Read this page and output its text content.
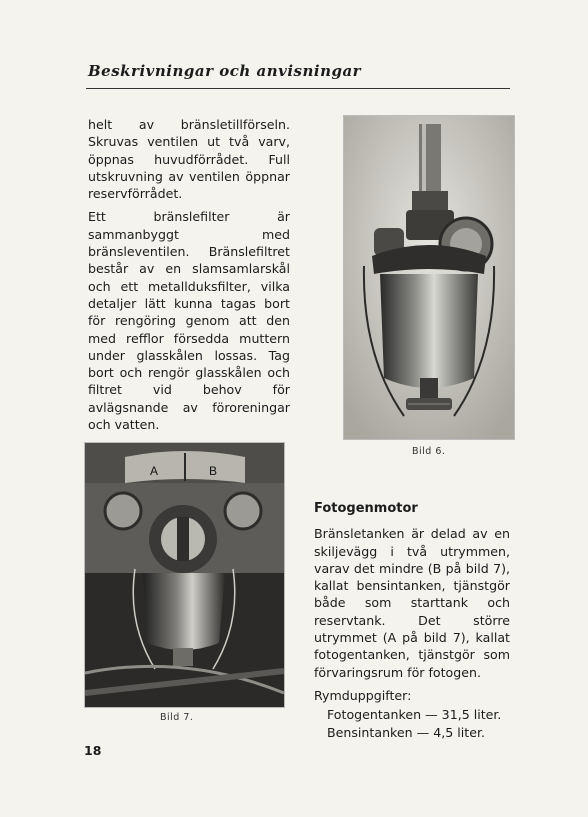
Beskrivningar och anvisningar

helt av bränsletillförseln. Skruvas ventilen ut två varv, öppnas huvudförrådet. Full utskruvning av ventilen öppnar reservförrådet.

Ett bränslefilter är sammanbyggt med bränsleventilen. Bränslefiltret består av en slamsamlarskål och ett metallduksfilter, vilka detaljer lätt kunna tagas bort för rengöring genom att den med refflor försedda muttern under glasskålen lossas. Tag bort och rengör glasskålen och filtret vid behov för avlägsnande av föroreningar och vatten.

Bild 6.
A	B
Bild 7.

Fotogenmotor

Bränsletanken är delad av en skiljevägg i två utrymmen, varav det mindre (B på bild 7), kallat bensintanken, tjänstgör både som starttank och reservtank. Det större utrymmet (A på bild 7), kallat fotogentanken, tjänstgör som förvaringsrum för fotogen.

Rymduppgifter:

Fotogentanken — 31,5 liter.
Bensintanken — 4,5 liter.
18
